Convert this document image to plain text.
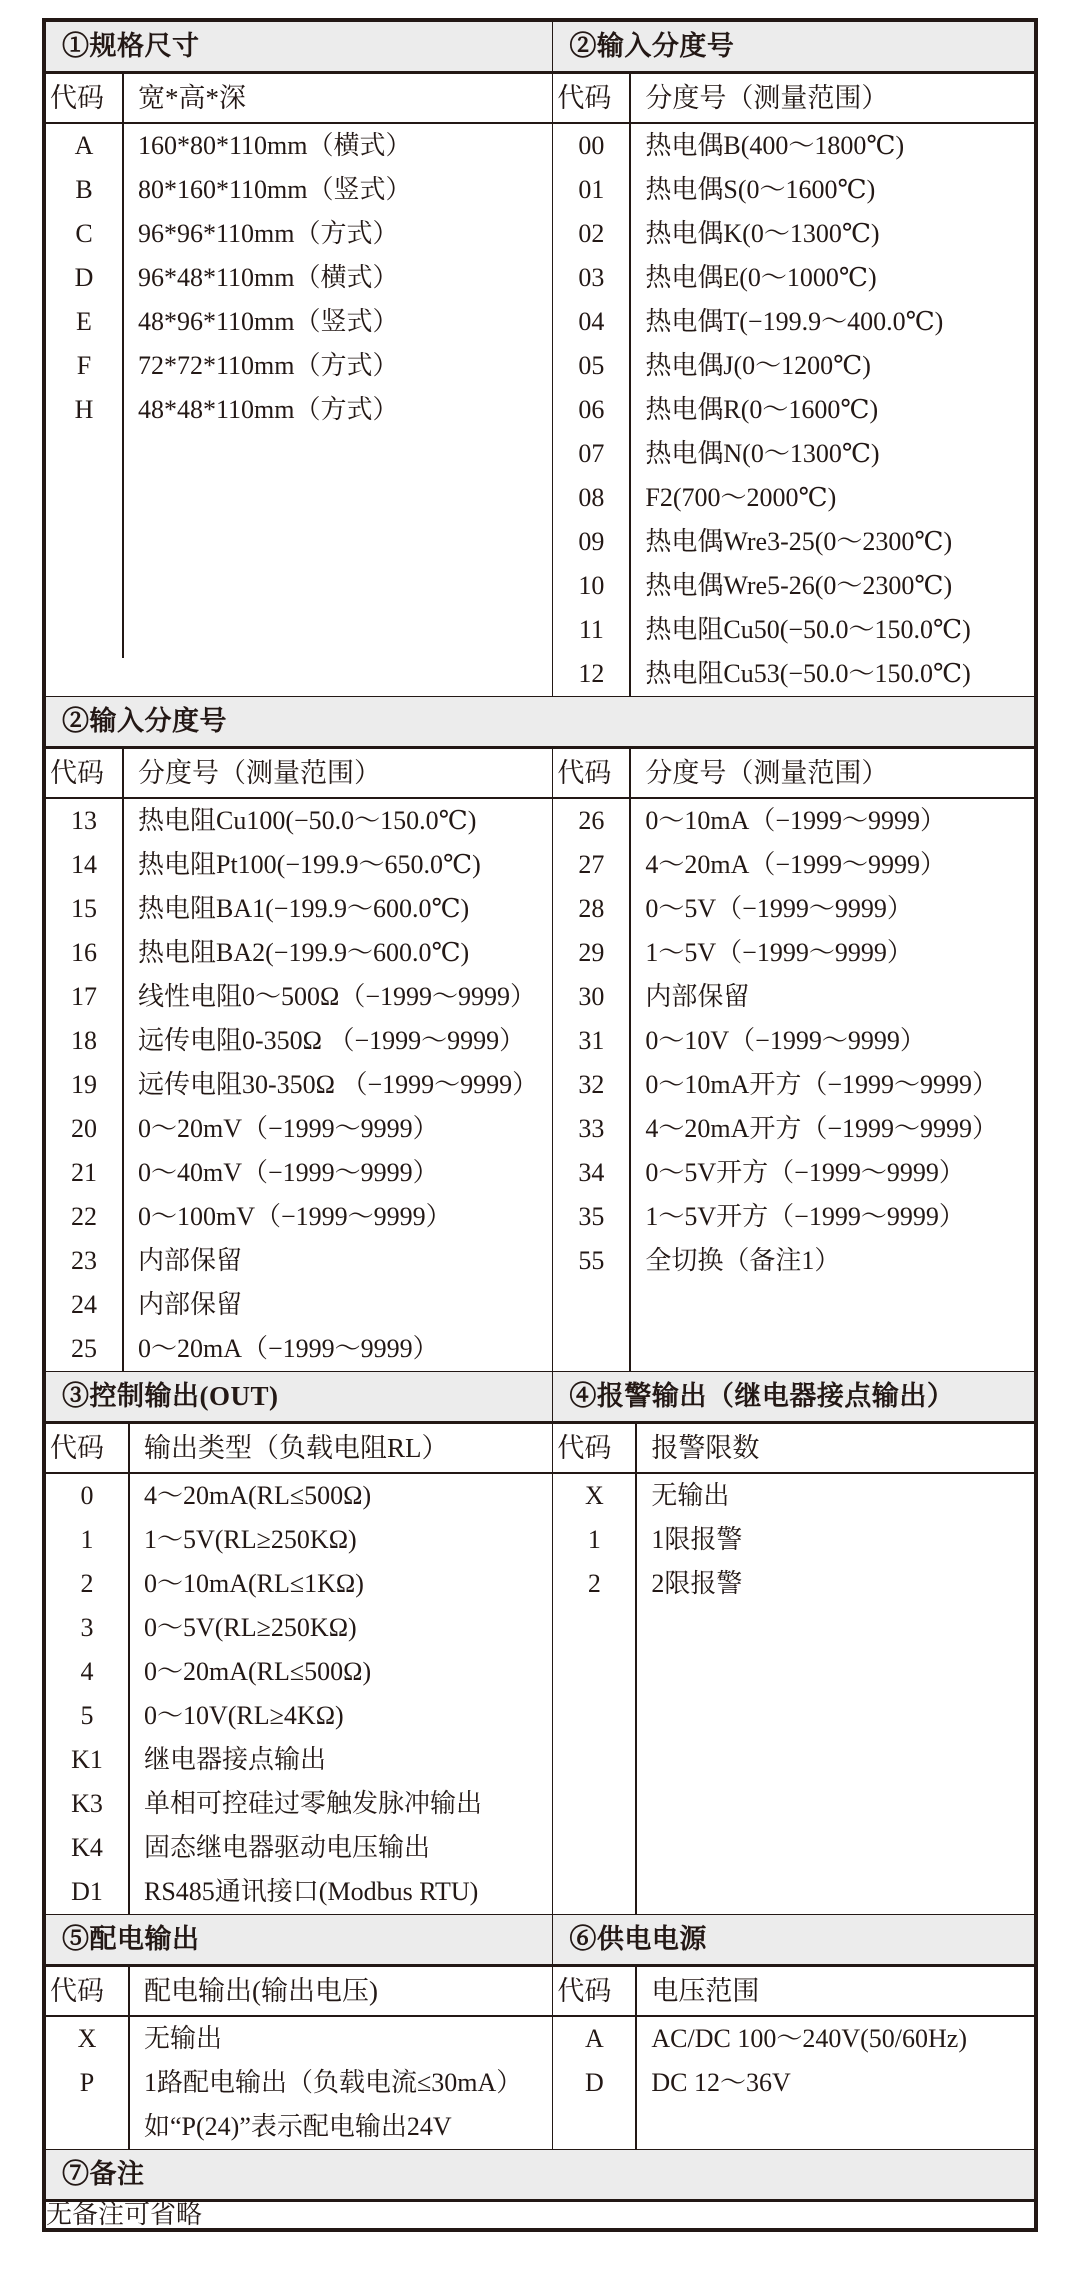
①规格尺寸	②输入分度号

代码	宽*高*深
A	160*80*110mm（横式）
B	80*160*110mm（竖式）
C	96*96*110mm（方式）
D	96*48*110mm（横式）
E	48*96*110mm（竖式）
F	72*72*110mm（方式）
H	48*48*110mm（方式）

代码	分度号（测量范围）
00	热电偶B(400～1800℃)
01	热电偶S(0～1600℃)
02	热电偶K(0～1300℃)
03	热电偶E(0～1000℃)
04	热电偶T(−199.9～400.0℃)
05	热电偶J(0～1200℃)
06	热电偶R(0～1600℃)
07	热电偶N(0～1300℃)
08	F2(700～2000℃)
09	热电偶Wre3-25(0～2300℃)
10	热电偶Wre5-26(0～2300℃)
11	热电阻Cu50(−50.0～150.0℃)
12	热电阻Cu53(−50.0～150.0℃)

②输入分度号

代码	分度号（测量范围）
13	热电阻Cu100(−50.0～150.0℃)
14	热电阻Pt100(−199.9～650.0℃)
15	热电阻BA1(−199.9～600.0℃)
16	热电阻BA2(−199.9～600.0℃)
17	线性电阻0～500Ω（−1999～9999）
18	远传电阻0-350Ω （−1999～9999）
19	远传电阻30-350Ω （−1999～9999）
20	0～20mV（−1999～9999）
21	0～40mV（−1999～9999）
22	0～100mV（−1999～9999）
23	内部保留
24	内部保留
25	0～20mA（−1999～9999）

代码	分度号（测量范围）
26	0～10mA（−1999～9999）
27	4～20mA（−1999～9999）
28	0～5V（−1999～9999）
29	1～5V（−1999～9999）
30	内部保留
31	0～10V（−1999～9999）
32	0～10mA开方（−1999～9999）
33	4～20mA开方（−1999～9999）
34	0～5V开方（−1999～9999）
35	1～5V开方（−1999～9999）
55	全切换（备注1）

③控制输出(OUT)	④报警输出（继电器接点输出）

代码	输出类型（负载电阻RL）
0	4～20mA(RL≤500Ω)
1	1～5V(RL≥250KΩ)
2	0～10mA(RL≤1KΩ)
3	0～5V(RL≥250KΩ)
4	0～20mA(RL≤500Ω)
5	0～10V(RL≥4KΩ)
K1	继电器接点输出
K3	单相可控硅过零触发脉冲输出
K4	固态继电器驱动电压输出
D1	RS485通讯接口(Modbus RTU)

代码	报警限数
X	无输出
1	1限报警
2	2限报警

⑤配电输出	⑥供电电源

代码	配电输出(输出电压)
X	无输出
P	1路配电输出（负载电流≤30mA）
	如“P(24)”表示配电输出24V

代码	电压范围
A	AC/DC 100～240V(50/60Hz)
D	DC 12～36V

⑦备注
无备注可省略
